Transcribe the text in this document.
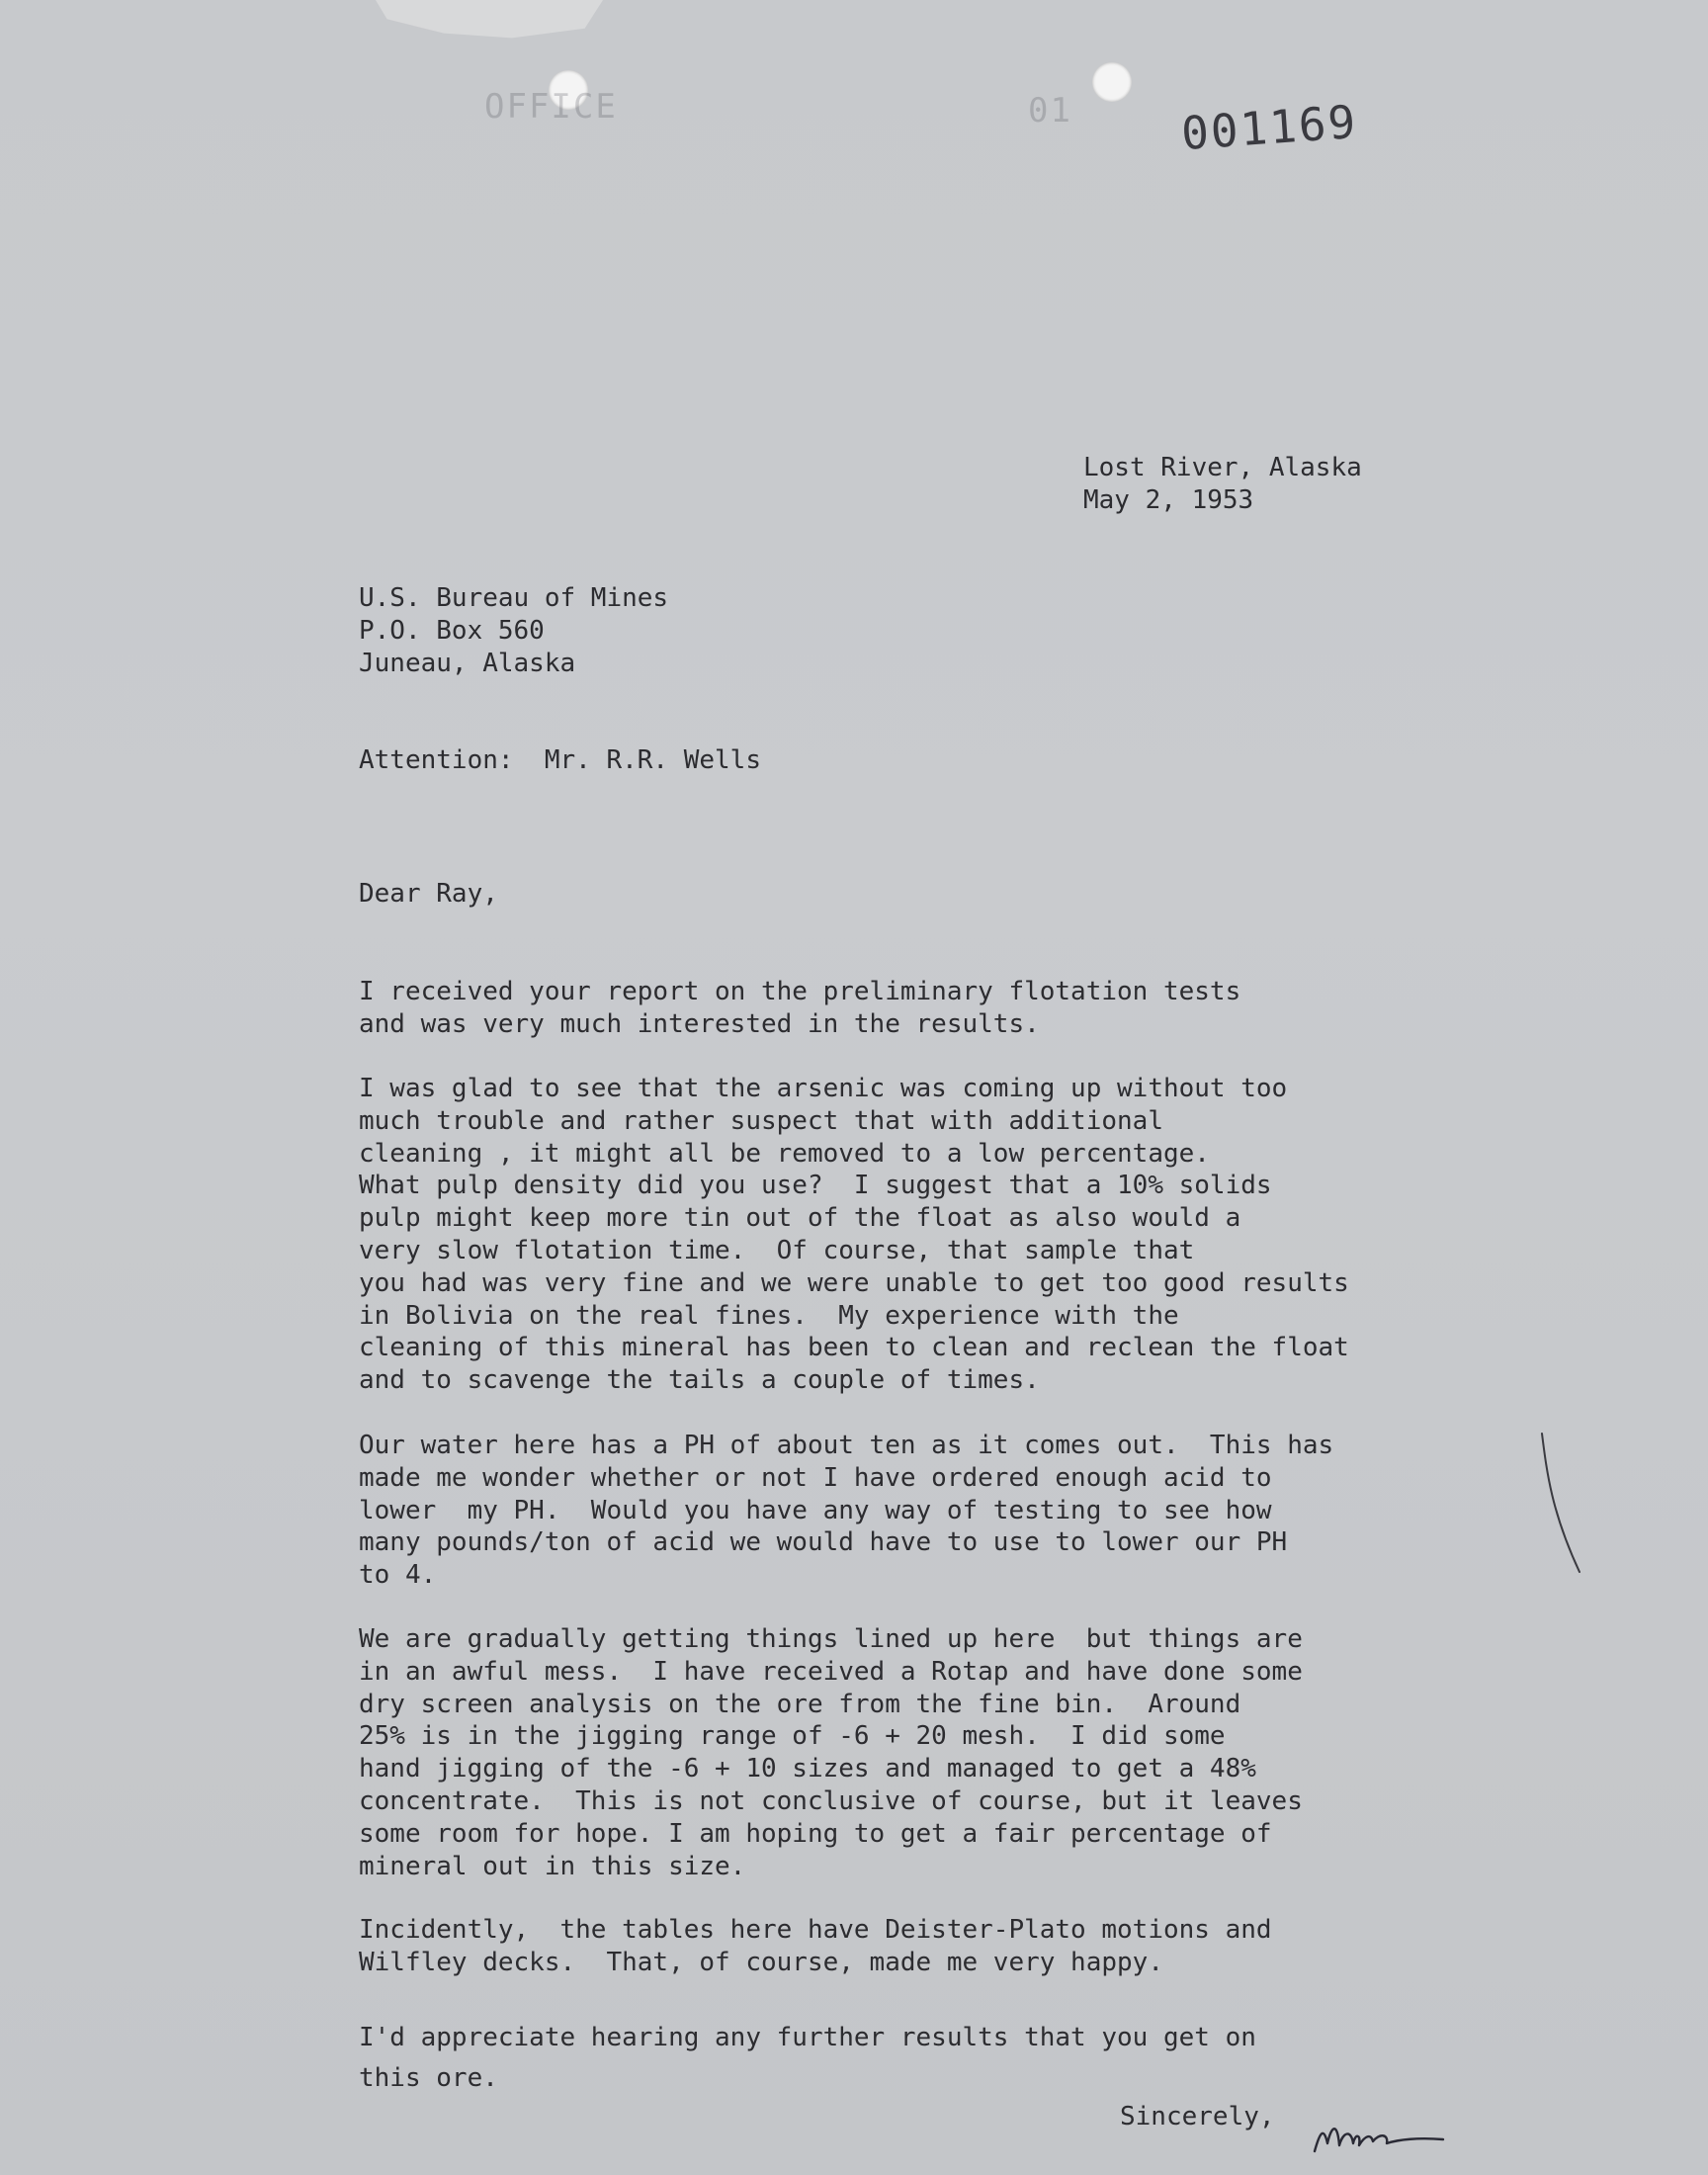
OFFICE	01 001169
Lost River, Alaska
May 2, 1953
U.S. Bureau of Mines
P.O. Box 560
Juneau, Alaska
Attention:  Mr. R.R. Wells
Dear Ray,
I received your report on the preliminary flotation tests
and was very much interested in the results.
I was glad to see that the arsenic was coming up without too
much trouble and rather suspect that with additional
cleaning , it might all be removed to a low percentage.
What pulp density did you use?  I suggest that a 10% solids
pulp might keep more tin out of the float as also would a
very slow flotation time.  Of course, that sample that
you had was very fine and we were unable to get too good results
in Bolivia on the real fines.  My experience with the
cleaning of this mineral has been to clean and reclean the float
and to scavenge the tails a couple of times.
Our water here has a PH of about ten as it comes out.  This has
made me wonder whether or not I have ordered enough acid to
lower  my PH.  Would you have any way of testing to see how
many pounds/ton of acid we would have to use to lower our PH
to 4.
We are gradually getting things lined up here  but things are
in an awful mess.  I have received a Rotap and have done some
dry screen analysis on the ore from the fine bin.  Around
25% is in the jigging range of -6 + 20 mesh.  I did some
hand jigging of the -6 + 10 sizes and managed to get a 48%
concentrate.  This is not conclusive of course, but it leaves
some room for hope. I am hoping to get a fair percentage of
mineral out in this size.
Incidently,  the tables here have Deister-Plato motions and
Wilfley decks.  That, of course, made me very happy.
I'd appreciate hearing any further results that you get on
this ore.
Sincerely,
